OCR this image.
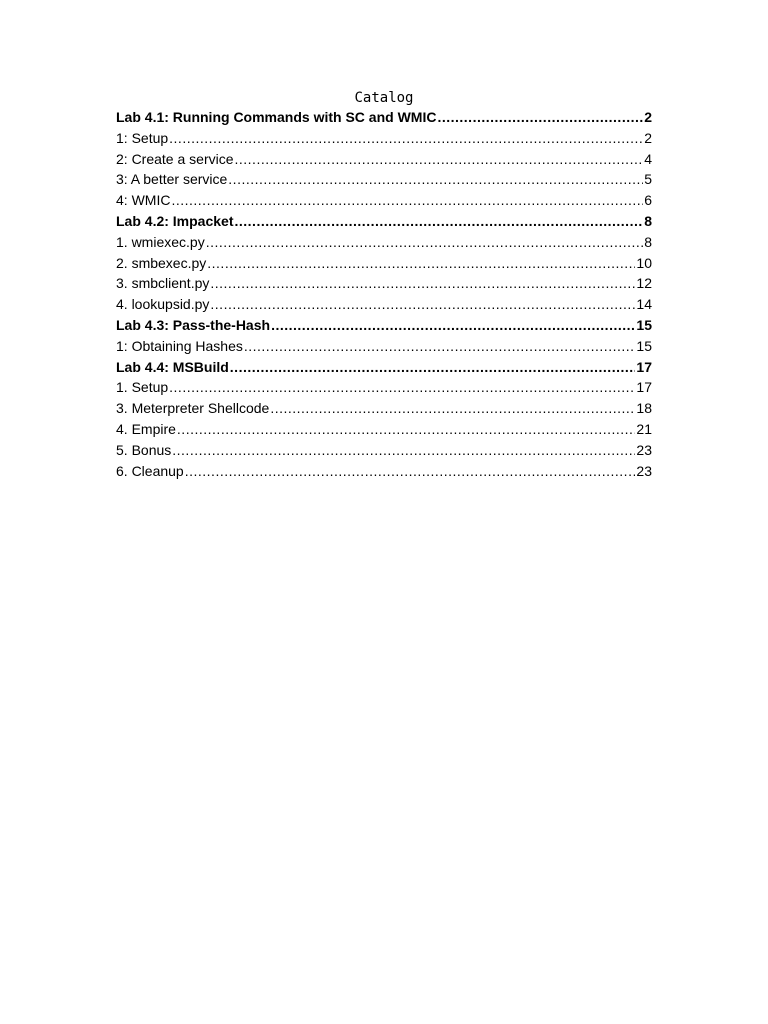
Catalog
Lab 4.1: Running Commands with SC and WMIC .....	2
1: Setup .....	2
2: Create a service .....	4
3: A better service .....	5
4: WMIC .....	6
Lab 4.2: Impacket .....	8
1. wmiexec.py .....	8
2. smbexec.py .....	10
3. smbclient.py .....	12
4. lookupsid.py .....	14
Lab 4.3: Pass-the-Hash .....	15
1: Obtaining Hashes .....	15
Lab 4.4: MSBuild .....	17
1. Setup .....	17
3. Meterpreter Shellcode .....	18
4. Empire .....	21
5. Bonus .....	23
6. Cleanup .....	23
